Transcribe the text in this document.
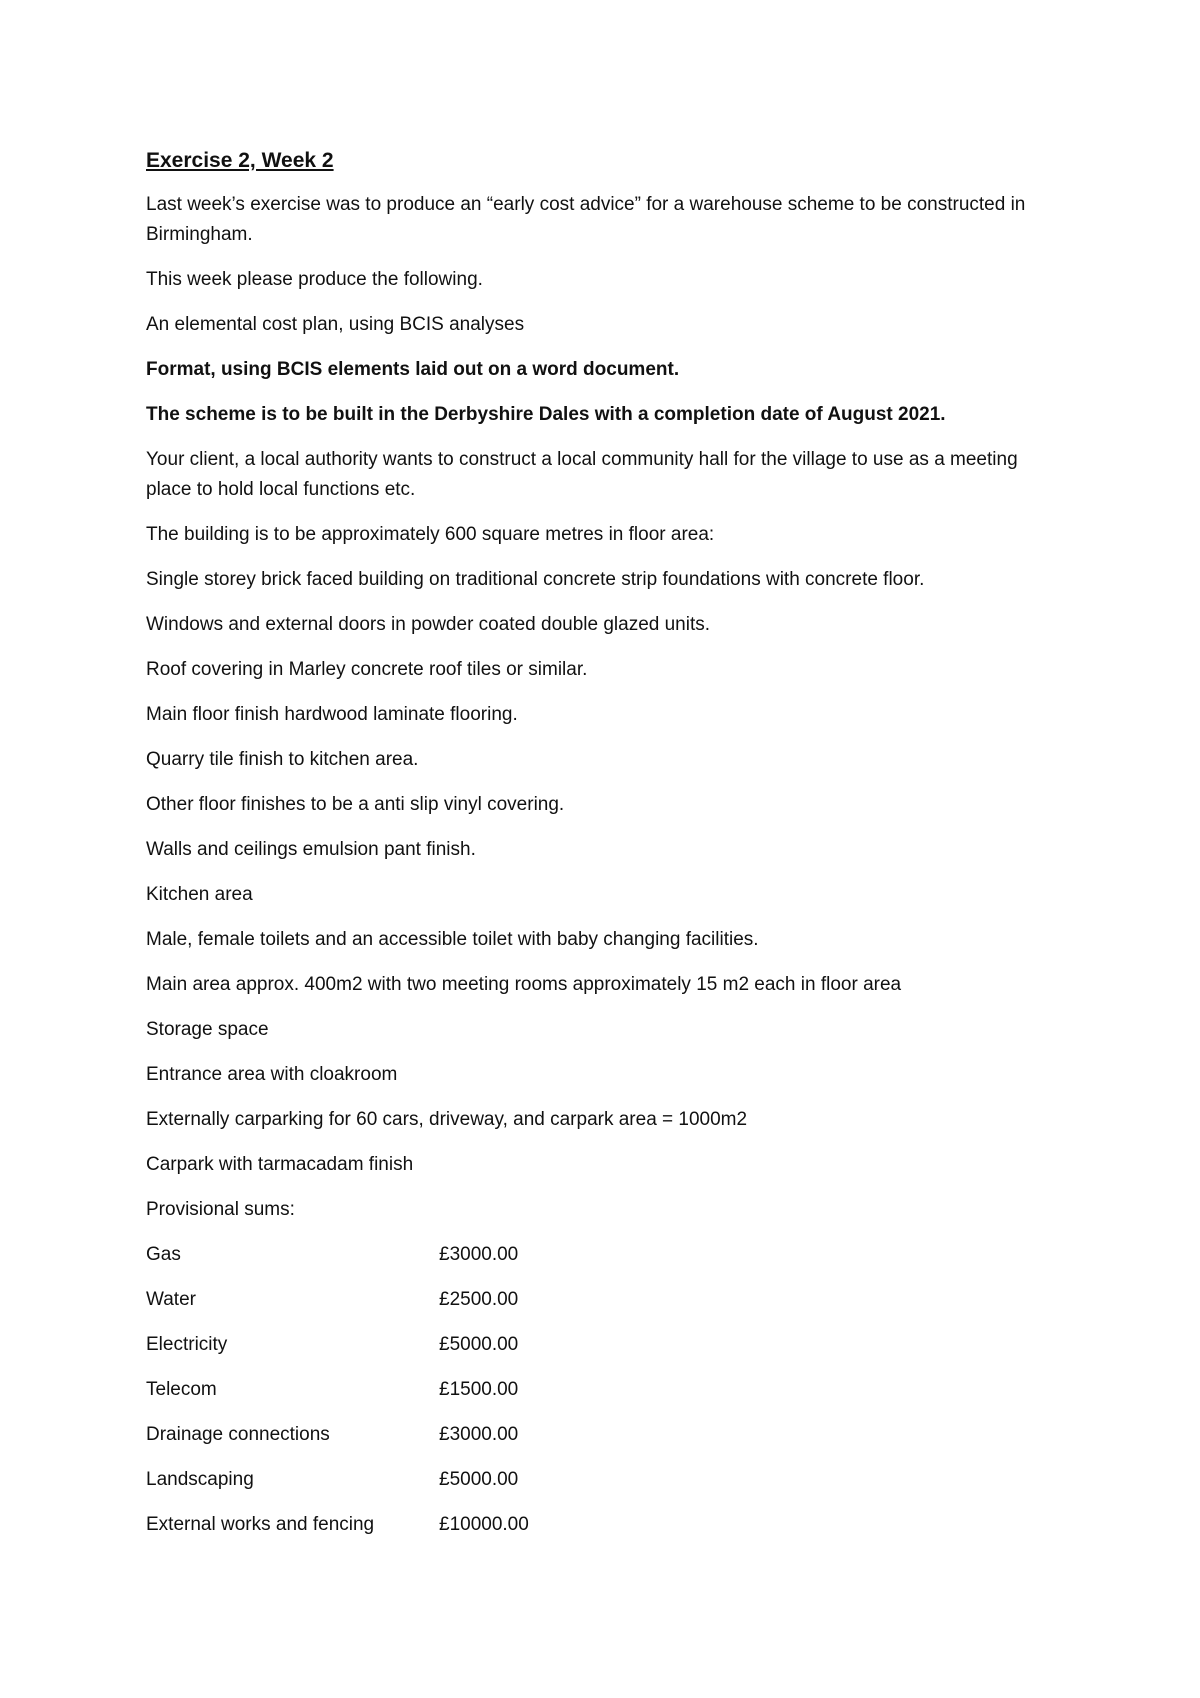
Exercise 2, Week 2
Last week’s exercise was to produce an “early cost advice” for a warehouse scheme to be constructed in Birmingham.
This week please produce the following.
An elemental cost plan, using BCIS analyses
Format, using BCIS elements laid out on a word document.
The scheme is to be built in the Derbyshire Dales with a completion date of August 2021.
Your client, a local authority wants to construct a local community hall for the village to use as a meeting place to hold local functions etc.
The building is to be approximately 600 square metres in floor area:
Single storey brick faced building on traditional concrete strip foundations with concrete floor.
Windows and external doors in powder coated double glazed units.
Roof covering in Marley concrete roof tiles or similar.
Main floor finish hardwood laminate flooring.
Quarry tile finish to kitchen area.
Other floor finishes to be a anti slip vinyl covering.
Walls and ceilings emulsion pant finish.
Kitchen area
Male, female toilets and an accessible toilet with baby changing facilities.
Main area approx. 400m2 with two meeting rooms approximately 15 m2 each in floor area
Storage space
Entrance area with cloakroom
Externally carparking for 60 cars, driveway, and carpark area = 1000m2
Carpark with tarmacadam finish
Provisional sums:
Gas	£3000.00
Water	£2500.00
Electricity	£5000.00
Telecom	£1500.00
Drainage connections	£3000.00
Landscaping	£5000.00
External works and fencing	£10000.00
